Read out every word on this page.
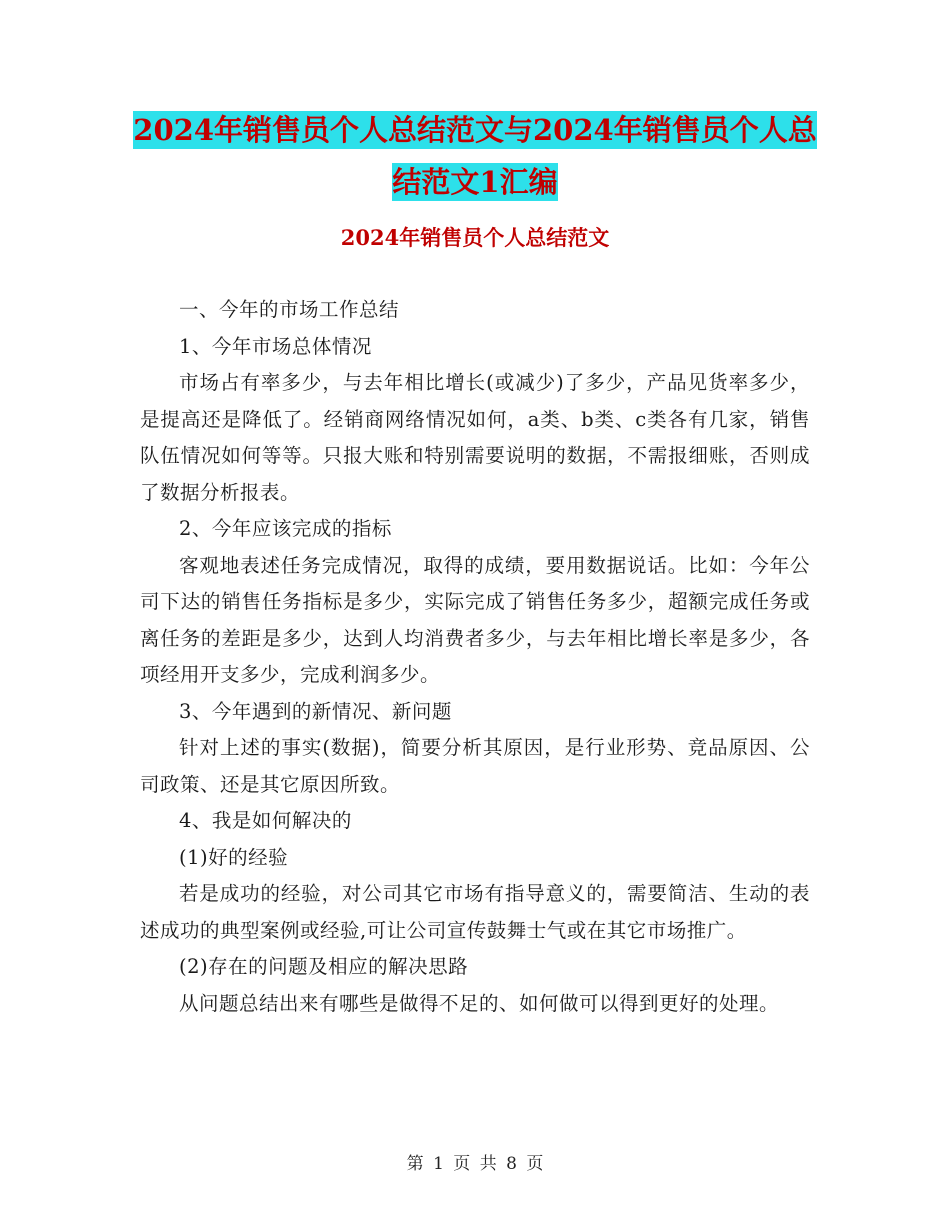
2024年销售员个人总结范文与2024年销售员个人总结范文1汇编
2024年销售员个人总结范文

一、今年的市场工作总结

1、今年市场总体情况

市场占有率多少，与去年相比增长(或减少)了多少，产品见货率多少，是提高还是降低了。经销商网络情况如何，a类、b类、c类各有几家，销售队伍情况如何等等。只报大账和特别需要说明的数据，不需报细账，否则成了数据分析报表。

2、今年应该完成的指标

客观地表述任务完成情况，取得的成绩，要用数据说话。比如：今年公司下达的销售任务指标是多少，实际完成了销售任务多少，超额完成任务或离任务的差距是多少，达到人均消费者多少，与去年相比增长率是多少，各项经用开支多少，完成利润多少。

3、今年遇到的新情况、新问题

针对上述的事实(数据)，简要分析其原因，是行业形势、竞品原因、公司政策、还是其它原因所致。

4、我是如何解决的

(1)好的经验

若是成功的经验，对公司其它市场有指导意义的，需要简洁、生动的表述成功的典型案例或经验,可让公司宣传鼓舞士气或在其它市场推广。

(2)存在的问题及相应的解决思路

从问题总结出来有哪些是做得不足的、如何做可以得到更好的处理。

第 1 页 共 8 页
